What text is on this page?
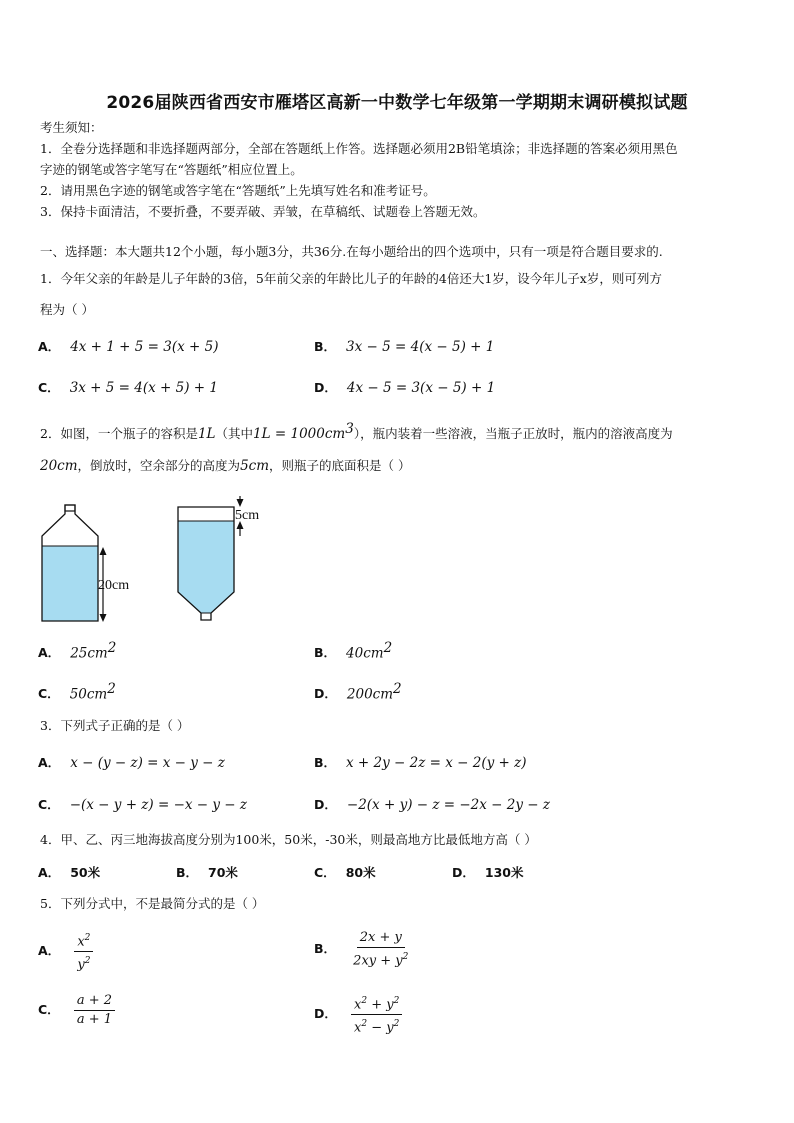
2026届陕西省西安市雁塔区高新一中数学七年级第一学期期末调研模拟试题
考生须知：
1．全卷分选择题和非选择题两部分，全部在答题纸上作答。选择题必须用2B铅笔填涂；非选择题的答案必须用黑色
字迹的钢笔或答字笔写在“答题纸”相应位置上。
2．请用黑色字迹的钢笔或答字笔在“答题纸”上先填写姓名和准考证号。
3．保持卡面清洁，不要折叠，不要弄破、弄皱，在草稿纸、试题卷上答题无效。
一、选择题：本大题共12个小题，每小题3分，共36分.在每小题给出的四个选项中，只有一项是符合题目要求的.
1．今年父亲的年龄是儿子年龄的3倍，5年前父亲的年龄比儿子的年龄的4倍还大1岁，设今年儿子x岁，则可列方
程为（ ）
A． 4x + 1 + 5 = 3(x + 5)	B． 3x − 5 = 4(x − 5) + 1
C． 3x + 5 = 4(x + 5) + 1	D． 4x − 5 = 3(x − 5) + 1
2．如图，一个瓶子的容积是1L（其中$1L = 1000cm^3$），瓶内装着一些溶液，当瓶子正放时，瓶内的溶液高度为
20cm，倒放时，空余部分的高度为5cm，则瓶子的底面积是（ ）
20cm
5cm
A． $25cm^2$	B． $40cm^2$
C． $50cm^2$	D． $200cm^2$
3．下列式子正确的是（ ）
A． x − (y − z) = x − y − z	B． x + 2y − 2z = x − 2(y + z)
C． −(x − y + z) = −x − y − z	D． −2(x + y) − z = −2x − 2y − z
4．甲、乙、丙三地海拔高度分别为100米，50米，-30米，则最高地方比最低地方高（ ）
A． 50米	B． 70米	C． 80米	D． 130米
5．下列分式中，不是最简分式的是（ ）
A． $\frac{x^2}{y^2}$	B． $\frac{2x + y}{2xy + y^2}$
C． $\frac{a + 2}{a + 1}$	D． $\frac{x^2 + y^2}{x^2 - y^2}$
